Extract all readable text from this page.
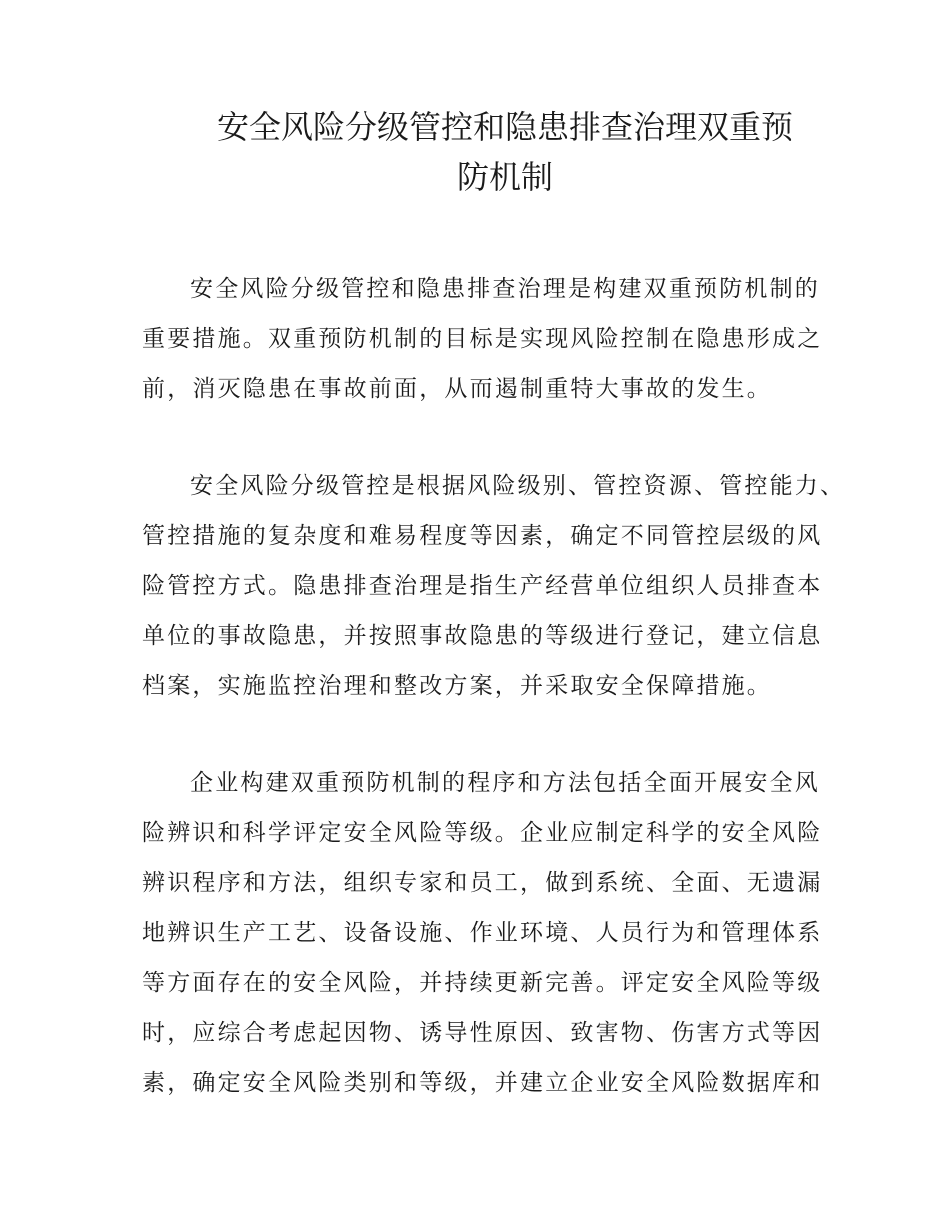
安全风险分级管控和隐患排查治理双重预
防机制
安全风险分级管控和隐患排查治理是构建双重预防机制的
重要措施。双重预防机制的目标是实现风险控制在隐患形成之
前，消灭隐患在事故前面，从而遏制重特大事故的发生。
安全风险分级管控是根据风险级别、管控资源、管控能力、
管控措施的复杂度和难易程度等因素，确定不同管控层级的风
险管控方式。隐患排查治理是指生产经营单位组织人员排查本
单位的事故隐患，并按照事故隐患的等级进行登记，建立信息
档案，实施监控治理和整改方案，并采取安全保障措施。
企业构建双重预防机制的程序和方法包括全面开展安全风
险辨识和科学评定安全风险等级。企业应制定科学的安全风险
辨识程序和方法，组织专家和员工，做到系统、全面、无遗漏
地辨识生产工艺、设备设施、作业环境、人员行为和管理体系
等方面存在的安全风险，并持续更新完善。评定安全风险等级
时，应综合考虑起因物、诱导性原因、致害物、伤害方式等因
素，确定安全风险类别和等级，并建立企业安全风险数据库和
